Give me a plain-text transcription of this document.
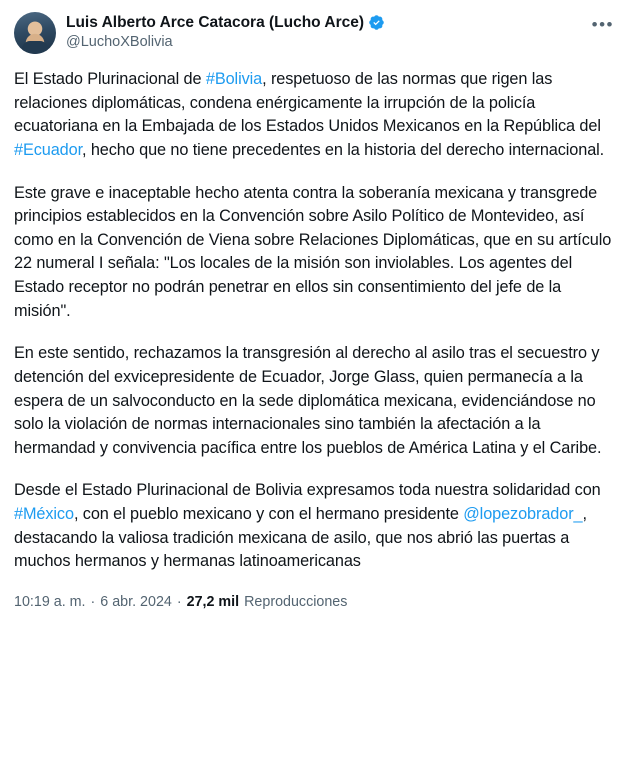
Luis Alberto Arce Catacora (Lucho Arce)
@LuchoXBolivia
•••

El Estado Plurinacional de #Bolivia, respetuoso de las normas que rigen las relaciones diplomáticas, condena enérgicamente la irrupción de la policía ecuatoriana en la Embajada de los Estados Unidos Mexicanos en la República del #Ecuador, hecho que no tiene precedentes en la historia del derecho internacional.

Este grave e inaceptable hecho atenta contra la soberanía mexicana y transgrede principios establecidos en la Convención sobre Asilo Político de Montevideo, así como en la Convención de Viena sobre Relaciones Diplomáticas, que en su artículo 22 numeral I señala: "Los locales de la misión son inviolables. Los agentes del Estado receptor no podrán penetrar en ellos sin consentimiento del jefe de la misión".

En este sentido, rechazamos la transgresión al derecho al asilo tras el secuestro y detención del exvicepresidente de Ecuador, Jorge Glass, quien permanecía a la espera de un salvoconducto en la sede diplomática mexicana, evidenciándose no solo la violación de normas internacionales sino también la afectación a la hermandad y convivencia pacífica entre los pueblos de América Latina y el Caribe.

Desde el Estado Plurinacional de Bolivia expresamos toda nuestra solidaridad con #México, con el pueblo mexicano y con el hermano presidente @lopezobrador_, destacando la valiosa tradición mexicana de asilo, que nos abrió las puertas a muchos hermanos y hermanas latinoamericanas

10:19 a. m. · 6 abr. 2024 · 27,2 mil Reproducciones
